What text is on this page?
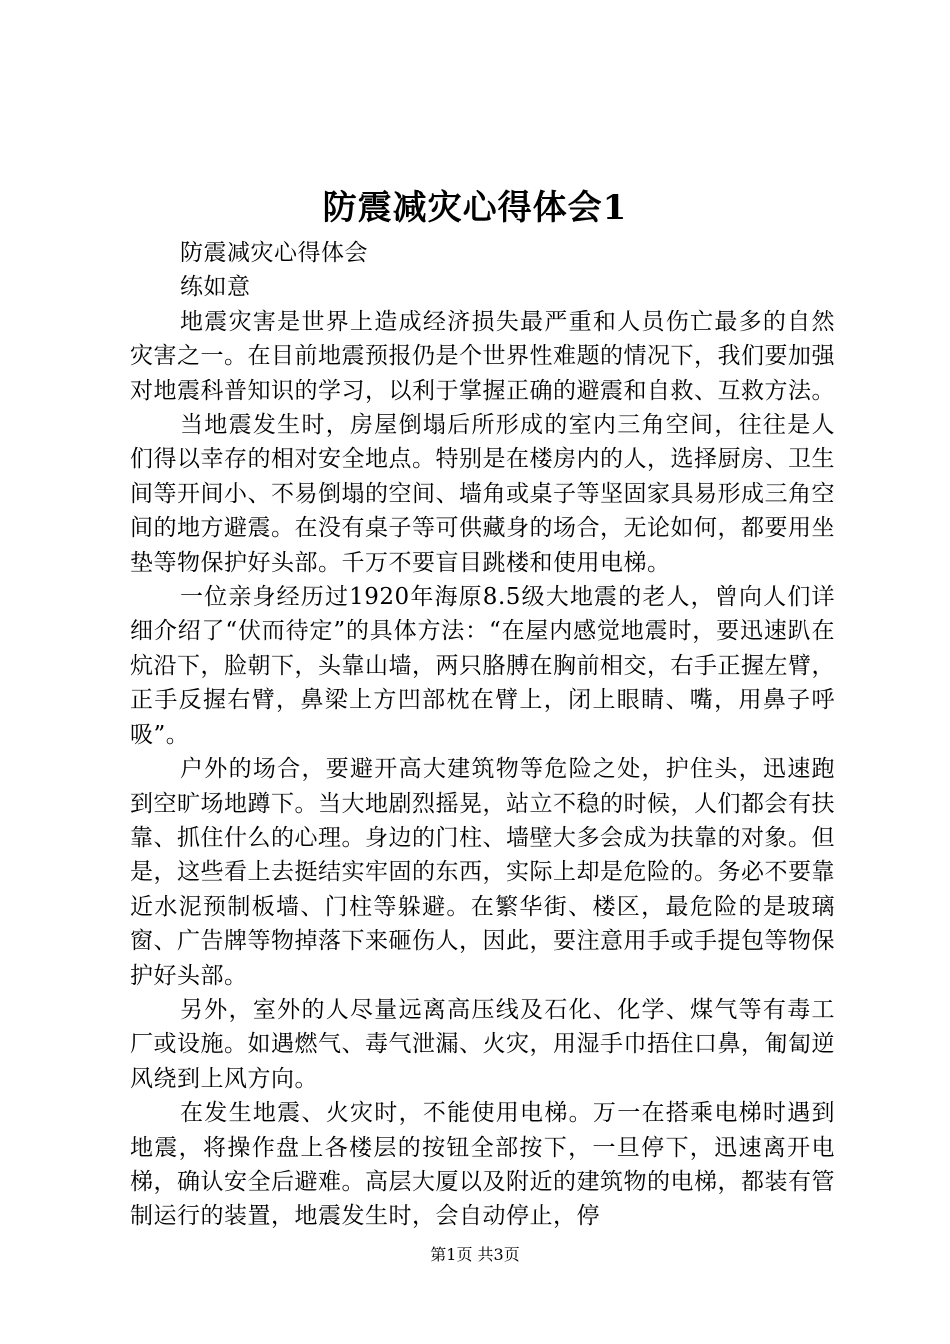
防震减灾心得体会1

防震减灾心得体会

练如意

地震灾害是世界上造成经济损失最严重和人员伤亡最多的自然灾害之一。在目前地震预报仍是个世界性难题的情况下，我们要加强对地震科普知识的学习，以利于掌握正确的避震和自救、互救方法。

当地震发生时，房屋倒塌后所形成的室内三角空间，往往是人们得以幸存的相对安全地点。特别是在楼房内的人，选择厨房、卫生间等开间小、不易倒塌的空间、墙角或桌子等坚固家具易形成三角空间的地方避震。在没有桌子等可供藏身的场合，无论如何，都要用坐垫等物保护好头部。千万不要盲目跳楼和使用电梯。

一位亲身经历过1920年海原8.5级大地震的老人，曾向人们详细介绍了“伏而待定”的具体方法：“在屋内感觉地震时，要迅速趴在炕沿下，脸朝下，头靠山墙，两只胳膊在胸前相交，右手正握左臂，正手反握右臂，鼻梁上方凹部枕在臂上，闭上眼睛、嘴，用鼻子呼吸”。

户外的场合，要避开高大建筑物等危险之处，护住头，迅速跑到空旷场地蹲下。当大地剧烈摇晃，站立不稳的时候，人们都会有扶靠、抓住什么的心理。身边的门柱、墙壁大多会成为扶靠的对象。但是，这些看上去挺结实牢固的东西，实际上却是危险的。务必不要靠近水泥预制板墙、门柱等躲避。在繁华街、楼区，最危险的是玻璃窗、广告牌等物掉落下来砸伤人，因此，要注意用手或手提包等物保护好头部。

另外，室外的人尽量远离高压线及石化、化学、煤气等有毒工厂或设施。如遇燃气、毒气泄漏、火灾，用湿手巾捂住口鼻，匍匐逆风绕到上风方向。

在发生地震、火灾时，不能使用电梯。万一在搭乘电梯时遇到地震，将操作盘上各楼层的按钮全部按下，一旦停下，迅速离开电梯，确认安全后避难。高层大厦以及附近的建筑物的电梯，都装有管制运行的装置，地震发生时，会自动停止，停

第1页 共3页
